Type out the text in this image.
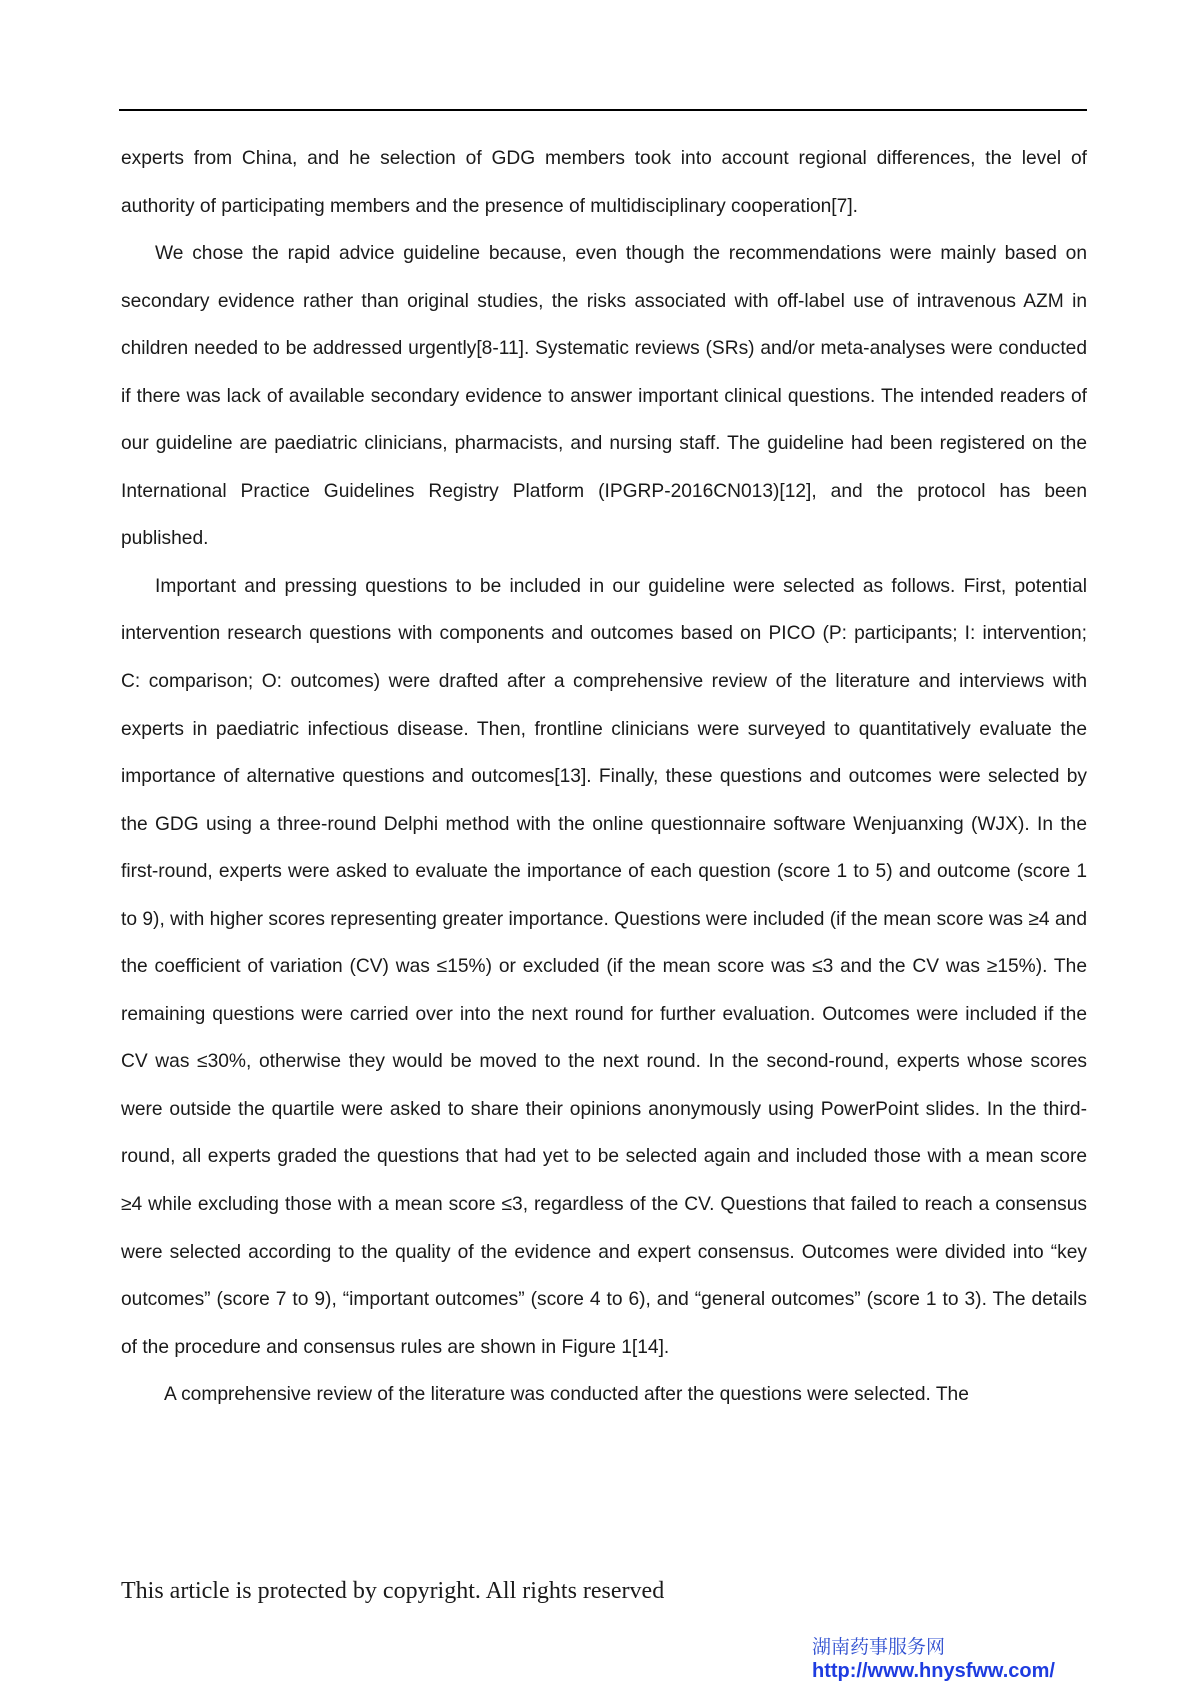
experts from China, and he selection of GDG members took into account regional differences, the level of authority of participating members and the presence of multidisciplinary cooperation[7].

We chose the rapid advice guideline because, even though the recommendations were mainly based on secondary evidence rather than original studies, the risks associated with off-label use of intravenous AZM in children needed to be addressed urgently[8-11]. Systematic reviews (SRs) and/or meta-analyses were conducted if there was lack of available secondary evidence to answer important clinical questions. The intended readers of our guideline are paediatric clinicians, pharmacists, and nursing staff. The guideline had been registered on the International Practice Guidelines Registry Platform (IPGRP-2016CN013)[12], and the protocol has been published.

Important and pressing questions to be included in our guideline were selected as follows. First, potential intervention research questions with components and outcomes based on PICO (P: participants; I: intervention; C: comparison; O: outcomes) were drafted after a comprehensive review of the literature and interviews with experts in paediatric infectious disease. Then, frontline clinicians were surveyed to quantitatively evaluate the importance of alternative questions and outcomes[13]. Finally, these questions and outcomes were selected by the GDG using a three-round Delphi method with the online questionnaire software Wenjuanxing (WJX). In the first-round, experts were asked to evaluate the importance of each question (score 1 to 5) and outcome (score 1 to 9), with higher scores representing greater importance. Questions were included (if the mean score was ≥4 and the coefficient of variation (CV) was ≤15%) or excluded (if the mean score was ≤3 and the CV was ≥15%). The remaining questions were carried over into the next round for further evaluation. Outcomes were included if the CV was ≤30%, otherwise they would be moved to the next round. In the second-round, experts whose scores were outside the quartile were asked to share their opinions anonymously using PowerPoint slides. In the third-round, all experts graded the questions that had yet to be selected again and included those with a mean score ≥4 while excluding those with a mean score ≤3, regardless of the CV. Questions that failed to reach a consensus were selected according to the quality of the evidence and expert consensus. Outcomes were divided into “key outcomes” (score 7 to 9), “important outcomes” (score 4 to 6), and “general outcomes” (score 1 to 3). The details of the procedure and consensus rules are shown in Figure 1[14].

A comprehensive review of the literature was conducted after the questions were selected. The

This article is protected by copyright. All rights reserved
湖南药事服务网
http://www.hnysfww.com/
